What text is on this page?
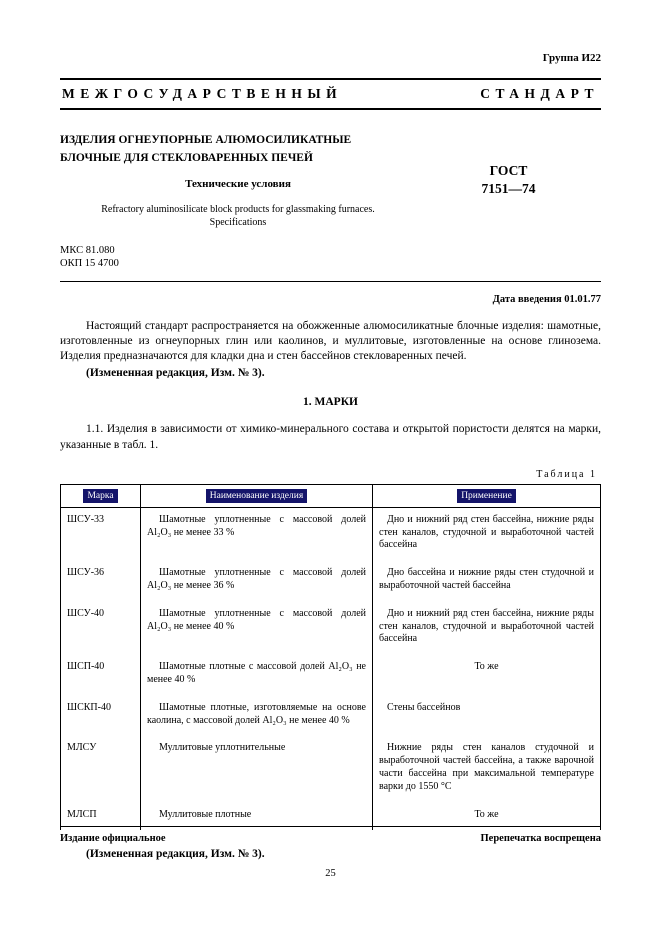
Группа И22
МЕЖГОСУДАРСТВЕННЫЙ	СТАНДАРТ
ИЗДЕЛИЯ ОГНЕУПОРНЫЕ АЛЮМОСИЛИКАТНЫЕ
БЛОЧНЫЕ ДЛЯ СТЕКЛОВАРЕННЫХ ПЕЧЕЙ
Технические условия
Refractory aluminosilicate block products for glassmaking furnaces.
Specifications
МКС 81.080
ОКП 15 4700
ГОСТ
7151—74
Дата введения 01.01.77

Настоящий стандарт распространяется на обожженные алюмосиликатные блочные изделия: шамотные, изготовленные из огнеупорных глин или каолинов, и муллитовые, изготовленные на основе глинозема. Изделия предназначаются для кладки дна и стен бассейнов стекловаренных печей.

(Измененная редакция, Изм. № 3).

1. МАРКИ

1.1. Изделия в зависимости от химико-минерального состава и открытой пористости делятся на марки, указанные в табл. 1.

Таблица 1
Марка	Наименование изделия	Применение
ШСУ-33	Шамотные уплотненные с массовой долей Al₂O₃ не менее 33 %	Дно и нижний ряд стен бассейна, нижние ряды стен каналов, студочной и выработочной частей бассейна
ШСУ-36	Шамотные уплотненные с массовой долей Al₂O₃ не менее 36 %	Дно бассейна и нижние ряды стен студочной и выработочной частей бассейна
ШСУ-40	Шамотные уплотненные с массовой долей Al₂O₃ не менее 40 %	Дно и нижний ряд стен бассейна, нижние ряды стен каналов, студочной и выработочной частей бассейна
ШСП-40	Шамотные плотные с массовой долей Al₂O₃ не менее 40 %	То же
ШСКП-40	Шамотные плотные, изготовляемые на основе каолина, с массовой долей Al₂O₃ не менее 40 %	Стены бассейнов
МЛСУ	Муллитовые уплотнительные	Нижние ряды стен каналов студочной и выработочной частей бассейна, а также варочной части бассейна при максимальной температуре варки до 1550 °С
МЛСП	Муллитовые плотные	То же

(Измененная редакция, Изм. № 3).

Издание официальное	Перепечатка воспрещена
25
